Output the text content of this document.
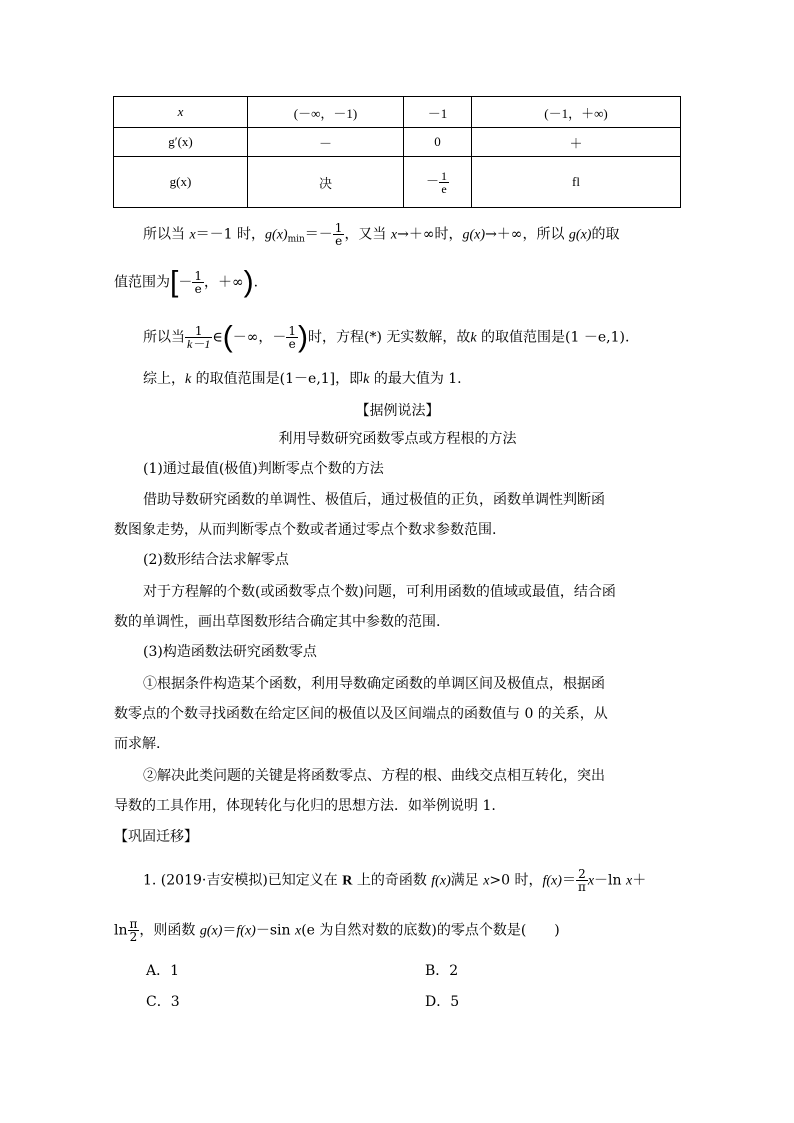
x	(－∞，－1)	－1	(－1，＋∞)
g′(x)	－	0	＋
g(x)	决	－ $\frac{1}{e}$	fl
所以当 x＝－1 时，$g(x)_{min}=- \frac{1}{e}$ ，又当 x→＋∞时，g(x)→＋∞，所以 g(x)的取
值范围为[－ $\frac{1}{e}$ ，＋∞).
所以当 $\frac{1}{k-1}$ ∈(－∞，－ $\frac{1}{e}$ )时，方程(*) 无实数解，故k 的取值范围是(1 －e,1).
综上，k 的取值范围是(1－e,1]，即k 的最大值为 1.
【据例说法】
利用导数研究函数零点或方程根的方法
(1)通过最值(极值)判断零点个数的方法
借助导数研究函数的单调性、极值后，通过极值的正负，函数单调性判断函
数图象走势，从而判断零点个数或者通过零点个数求参数范围.
(2)数形结合法求解零点
对于方程解的个数(或函数零点个数)问题，可利用函数的值域或最值，结合函
数的单调性，画出草图数形结合确定其中参数的范围.
(3)构造函数法研究函数零点
①根据条件构造某个函数，利用导数确定函数的单调区间及极值点，根据函
数零点的个数寻找函数在给定区间的极值以及区间端点的函数值与 0 的关系，从
而求解.
②解决此类问题的关键是将函数零点、方程的根、曲线交点相互转化，突出
导数的工具作用，体现转化与化归的思想方法．如举例说明 1.
【巩固迁移】
1. (2019·吉安模拟)已知定义在 R 上的奇函数 f(x)满足 x>0 时，$f(x)= \frac{2}{\pi} x-\ln$ x＋
$\ln \frac{\pi}{2}$ ，则函数 g(x)＝f(x)－sin x(e 为自然对数的底数)的零点个数是(　　)
A．1	B．2
C．3	D．5
